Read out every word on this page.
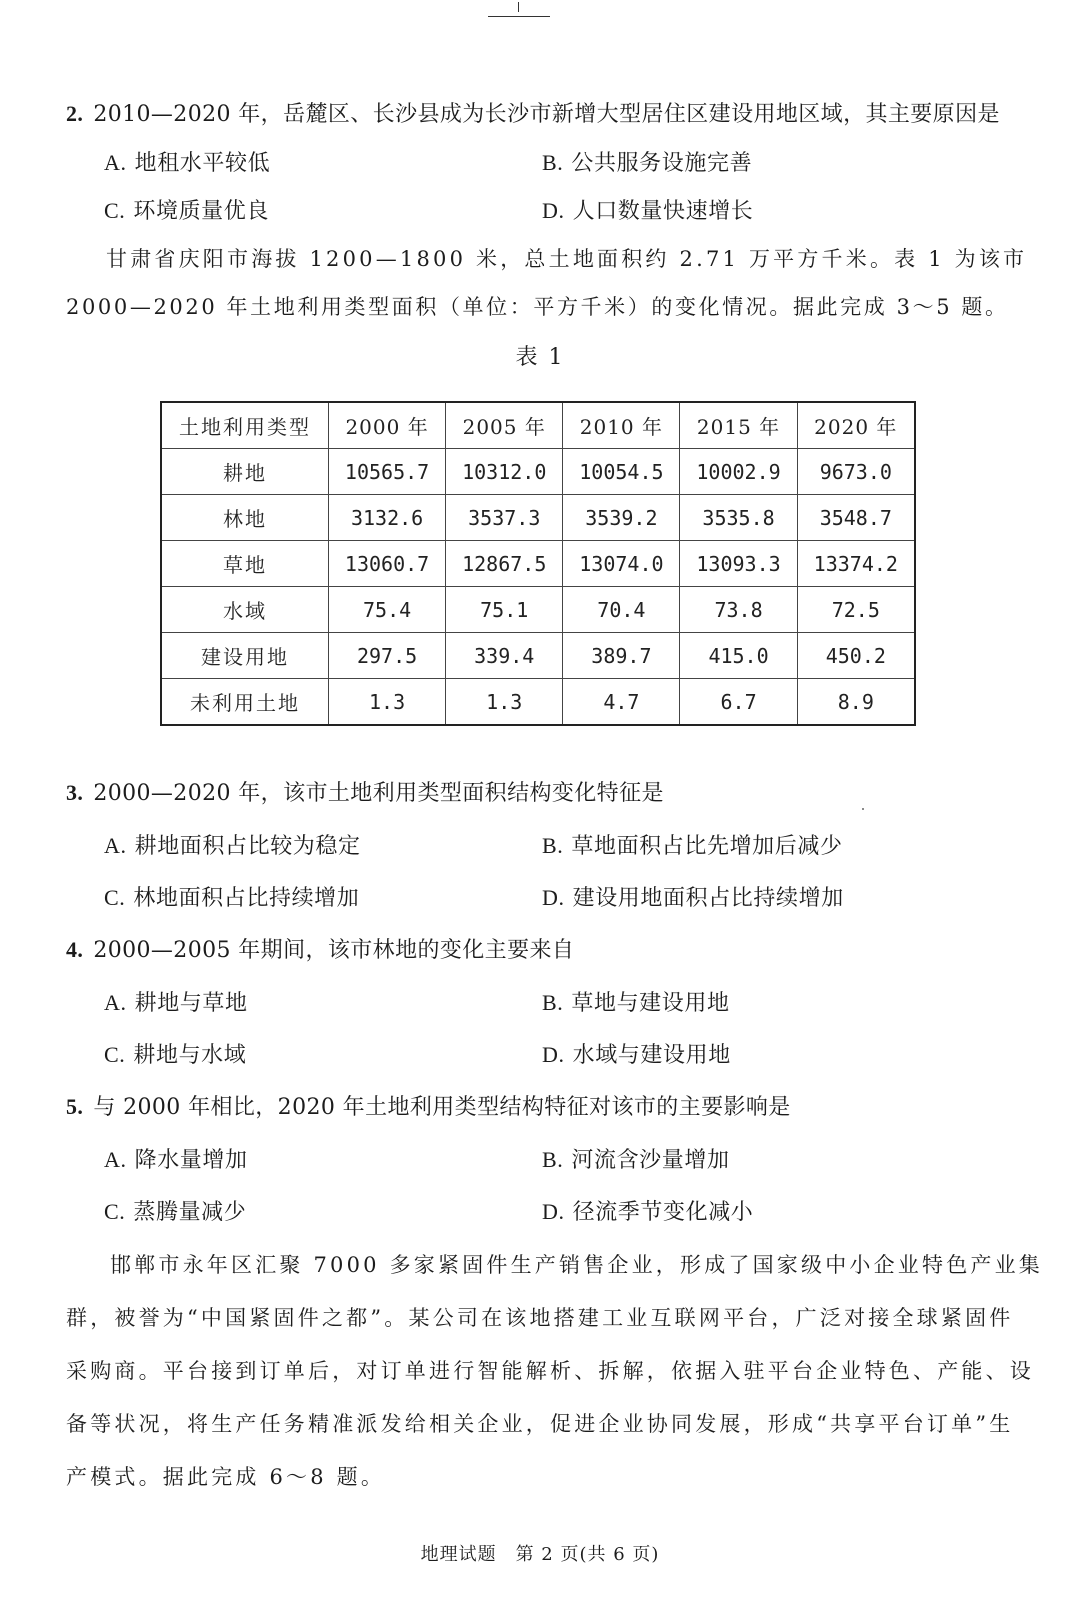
2. 2010—2020 年，岳麓区、长沙县成为长沙市新增大型居住区建设用地区域，其主要原因是
A. 地租水平较低	B. 公共服务设施完善
C. 环境质量优良	D. 人口数量快速增长
甘肃省庆阳市海拔 1200—1800 米，总土地面积约 2.71 万平方千米。表 1 为该市
2000—2020 年土地利用类型面积（单位：平方千米）的变化情况。据此完成 3～5 题。
表 1
土地利用类型	2000 年	2005 年	2010 年	2015 年	2020 年
耕地	10565.7	10312.0	10054.5	10002.9	9673.0
林地	3132.6	3537.3	3539.2	3535.8	3548.7
草地	13060.7	12867.5	13074.0	13093.3	13374.2
水域	75.4	75.1	70.4	73.8	72.5
建设用地	297.5	339.4	389.7	415.0	450.2
未利用土地	1.3	1.3	4.7	6.7	8.9
3. 2000—2020 年，该市土地利用类型面积结构变化特征是
A. 耕地面积占比较为稳定	B. 草地面积占比先增加后减少
C. 林地面积占比持续增加	D. 建设用地面积占比持续增加
4. 2000—2005 年期间，该市林地的变化主要来自
A. 耕地与草地	B. 草地与建设用地
C. 耕地与水域	D. 水域与建设用地
5. 与 2000 年相比，2020 年土地利用类型结构特征对该市的主要影响是
A. 降水量增加	B. 河流含沙量增加
C. 蒸腾量减少	D. 径流季节变化减小
邯郸市永年区汇聚 7000 多家紧固件生产销售企业，形成了国家级中小企业特色产业集
群，被誉为“中国紧固件之都”。某公司在该地搭建工业互联网平台，广泛对接全球紧固件
采购商。平台接到订单后，对订单进行智能解析、拆解，依据入驻平台企业特色、产能、设
备等状况，将生产任务精准派发给相关企业，促进企业协同发展，形成“共享平台订单”生
产模式。据此完成 6～8 题。
地理试题　第 2 页(共 6 页)
